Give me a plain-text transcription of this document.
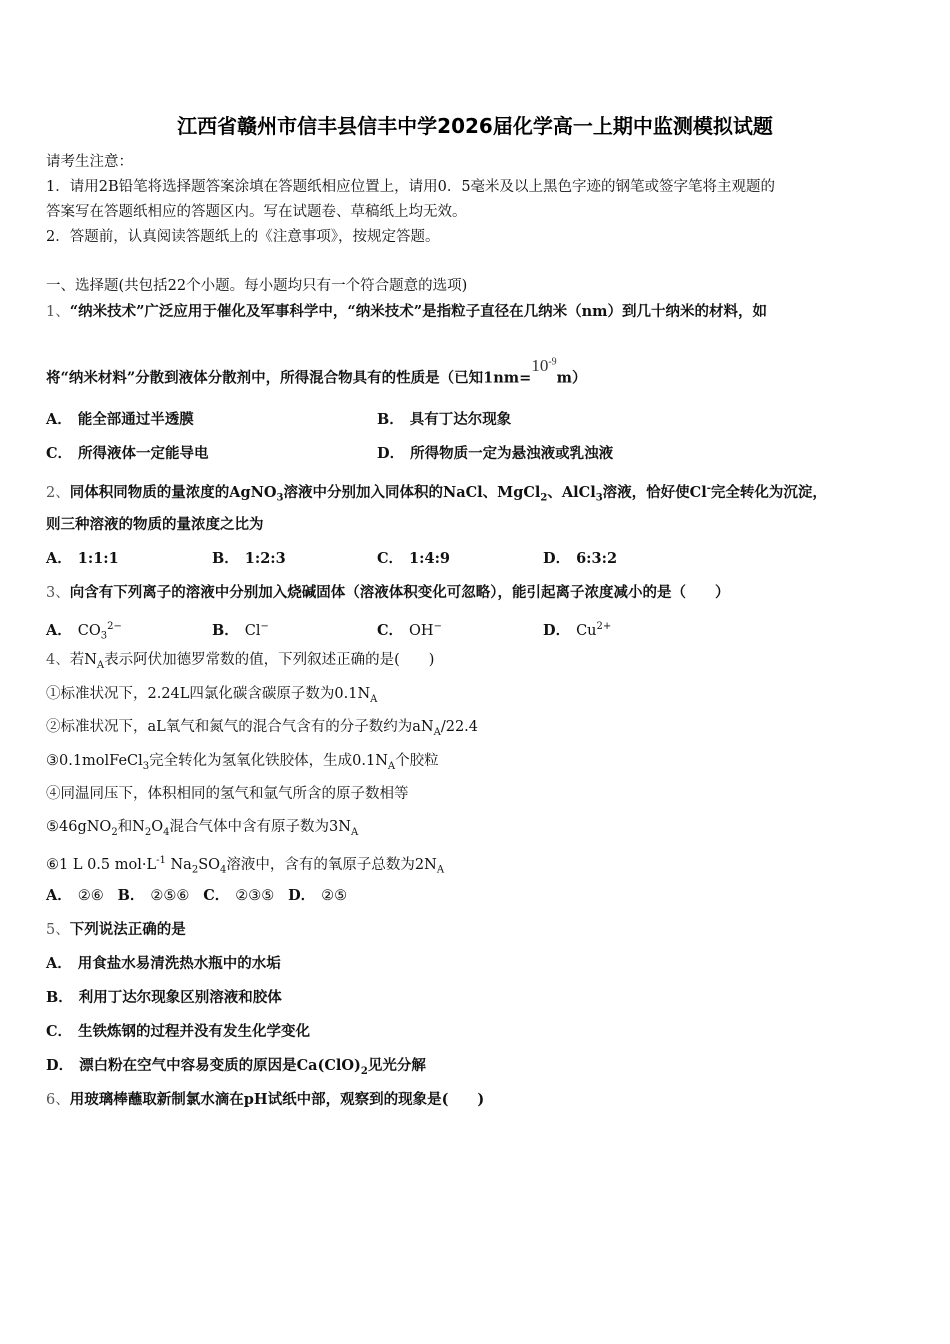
江西省赣州市信丰县信丰中学2026届化学高一上期中监测模拟试题
请考生注意：
1．请用2B铅笔将选择题答案涂填在答题纸相应位置上，请用0．5毫米及以上黑色字迹的钢笔或签字笔将主观题的
答案写在答题纸相应的答题区内。写在试题卷、草稿纸上均无效。
2．答题前，认真阅读答题纸上的《注意事项》，按规定答题。
一、选择题(共包括22个小题。每小题均只有一个符合题意的选项)
1、“纳米技术”广泛应用于催化及军事科学中，“纳米技术”是指粒子直径在几纳米（nm）到几十纳米的材料，如
将“纳米材料”分散到液体分散剂中，所得混合物具有的性质是（已知$1nm=10^{-9}m$）
A． 能全部通过半透膜	B． 具有丁达尔现象
C． 所得液体一定能导电	D． 所得物质一定为悬浊液或乳浊液
2、同体积同物质的量浓度的AgNO$_3$溶液中分别加入同体积的NaCl、MgCl$_2$、AlCl$_3$溶液，恰好使Cl-完全转化为沉淀，
则三种溶液的物质的量浓度之比为
A． 1:1:1	B． 1:2:3	C． 1:4:9	D． 6:3:2
3、向含有下列离子的溶液中分别加入烧碱固体（溶液体积变化可忽略），能引起离子浓度减小的是（　　）
A． $CO_3^{2-}$	B． Cl−	C． OH−	D． $Cu^{2+}$
4、若$N_A$表示阿伏加德罗常数的值，下列叙述正确的是(　　)
①标准状况下，2.24L四氯化碳含碳原子数为$0.1N_A$
②标准状况下，aL氧气和氮气的混合气含有的分子数约为$aN_A/22.4$
③0.1molFeCl$_3$完全转化为氢氧化铁胶体，生成$0.1N_A$个胶粒
④同温同压下，体积相同的氢气和氩气所含的原子数相等
⑤46gNO$_2$和$N_2O_4$混合气体中含有原子数为$3N_A$
⑥1 L 0.5 $mol\cdot L^{-1}$ $Na_2SO_4$溶液中，含有的氧原子总数为$2N_A$
A． ②⑥ B． ②⑤⑥ C． ②③⑤ D． ②⑤
5、下列说法正确的是
A． 用食盐水易清洗热水瓶中的水垢
B． 利用丁达尔现象区别溶液和胶体
C． 生铁炼钢的过程并没有发生化学变化
D． 漂白粉在空气中容易变质的原因是$Ca(ClO)_2$见光分解
6、用玻璃棒蘸取新制氯水滴在pH试纸中部，观察到的现象是(　　)
